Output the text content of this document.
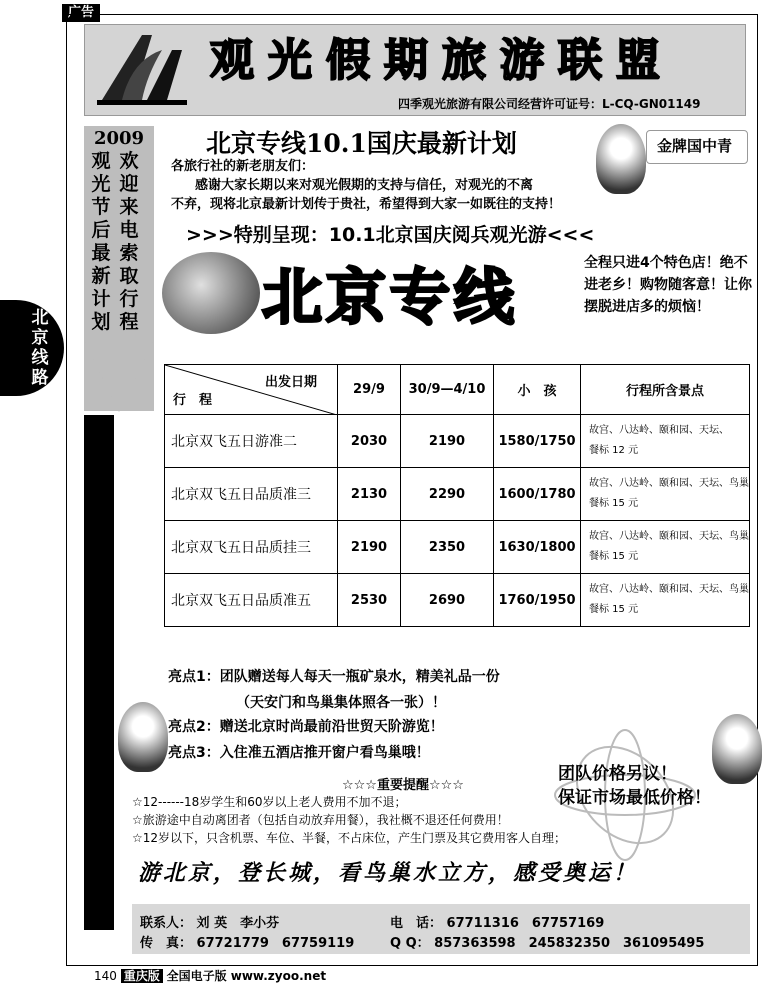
广告
观光假期旅游联盟
四季观光旅游有限公司经营许可证号：L-CQ-GN01149
北京线路
2009
观光节后最新计划
欢迎来电索取行程
质量监督
李莉春
13983382590
客服服务
67744010
北京专线10.1国庆最新计划	金牌国中青
各旅行社的新老朋友们：
感谢大家长期以来对观光假期的支持与信任，对观光的不离
不弃，现将北京最新计划传于贵社，希望得到大家一如既往的支持！
>>>特别呈现：10.1北京国庆阅兵观光游<<<
北京专线	全程只进4个特色店！绝不进老乡！购物随客意！让你摆脱进店多的烦恼！
出发日期
行　程	29/9	30/9—4/10	小　孩	行程所含景点
北京双飞五日游准二	2030	2190	1580/1750	故宫、八达岭、颐和园、天坛、
餐标 12 元

北京双飞五日品质准三	2130	2290	1600/1780	故宫、八达岭、颐和园、天坛、鸟巢
餐标 15 元

北京双飞五日品质挂三	2190	2350	1630/1800	故宫、八达岭、颐和园、天坛、鸟巢
餐标 15 元

北京双飞五日品质准五	2530	2690	1760/1950	故宫、八达岭、颐和园、天坛、鸟巢
餐标 15 元
亮点1：团队赠送每人每天一瓶矿泉水，精美礼品一份
（天安门和鸟巢集体照各一张）！
亮点2：赠送北京时尚最前沿世贸天阶游览！
亮点3：入住准五酒店推开窗户看鸟巢哦！
☆☆☆重要提醒☆☆☆
团队价格另议！
保证市场最低价格！
☆12------18岁学生和60岁以上老人费用不加不退；
☆旅游途中自动离团者（包括自动放弃用餐），我社概不退还任何费用！
☆12岁以下，只含机票、车位、半餐，不占床位，产生门票及其它费用客人自理；
游北京，登长城，看鸟巢水立方，感受奥运！
联系人： 刘 英　李小芬	电　话： 67711316　67757169
传　真： 67721779　67759119	Q Q： 857363598　245832350　361095495
140 重庆版 全国电子版 www.zyoo.net
